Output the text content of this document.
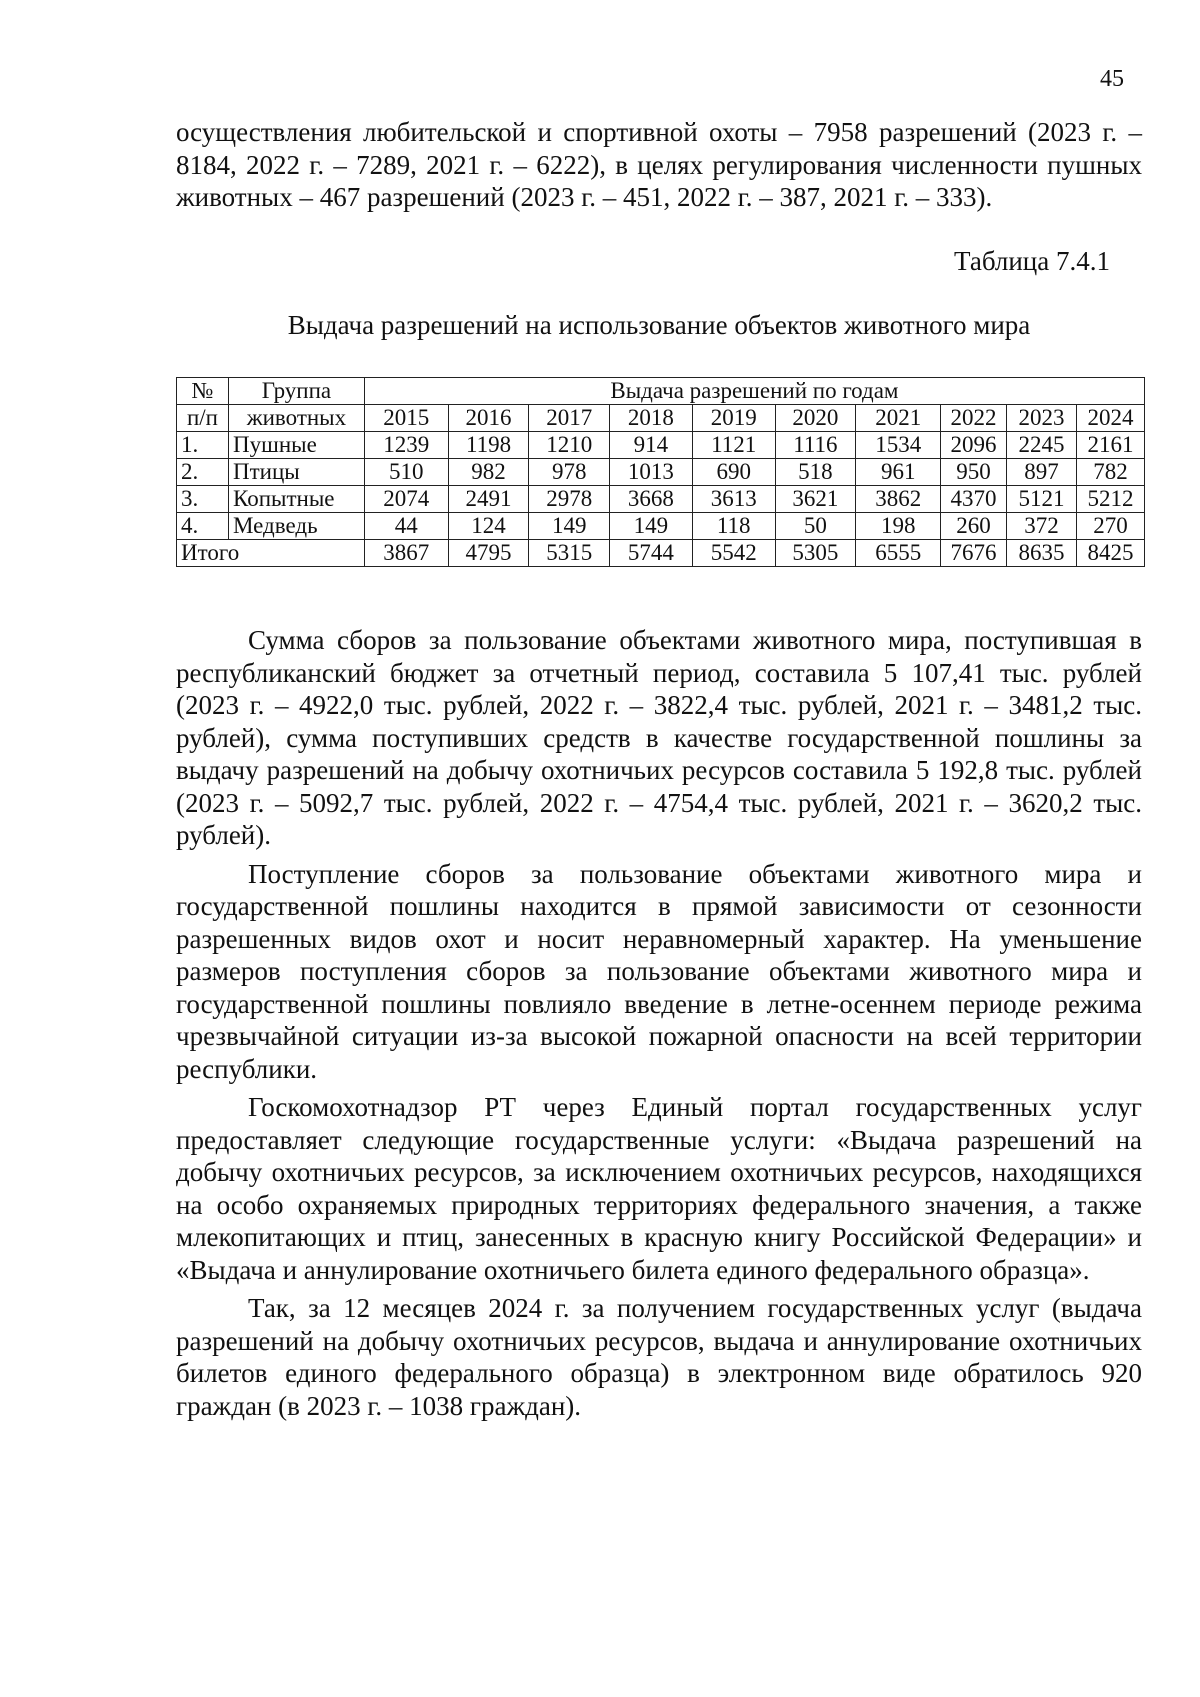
45

осуществления любительской и спортивной охоты – 7958 разрешений (2023 г. – 8184, 2022 г. – 7289, 2021 г. – 6222), в целях регулирования численности пушных животных – 467 разрешений (2023 г. – 451, 2022 г. – 387, 2021 г. – 333).

Таблица 7.4.1
Выдача разрешений на использование объектов животного мира
№	Группа	Выдача разрешений по годам									
п/п	животных	2015	2016	2017	2018	2019	2020	2021	2022	2023	2024
1.	Пушные	1239	1198	1210	914	1121	1116	1534	2096	2245	2161
2.	Птицы	510	982	978	1013	690	518	961	950	897	782
3.	Копытные	2074	2491	2978	3668	3613	3621	3862	4370	5121	5212
4.	Медведь	44	124	149	149	118	50	198	260	372	270
Итого		3867	4795	5315	5744	5542	5305	6555	7676	8635	8425

Сумма сборов за пользование объектами животного мира, поступившая в республиканский бюджет за отчетный период, составила 5 107,41 тыс. рублей (2023 г. – 4922,0 тыс. рублей, 2022 г. – 3822,4 тыс. рублей, 2021 г. – 3481,2 тыс. рублей), сумма поступивших средств в качестве государственной пошлины за выдачу разрешений на добычу охотничьих ресурсов составила 5 192,8 тыс. рублей (2023 г. – 5092,7 тыс. рублей, 2022 г. – 4754,4 тыс. рублей, 2021 г. – 3620,2 тыс. рублей).

Поступление сборов за пользование объектами животного мира и государственной пошлины находится в прямой зависимости от сезонности разрешенных видов охот и носит неравномерный характер. На уменьшение размеров поступления сборов за пользование объектами животного мира и государственной пошлины повлияло введение в летне-осеннем периоде режима чрезвычайной ситуации из-за высокой пожарной опасности на всей территории республики.

Госкомохотнадзор РТ через Единый портал государственных услуг предоставляет следующие государственные услуги: «Выдача разрешений на добычу охотничьих ресурсов, за исключением охотничьих ресурсов, находящихся на особо охраняемых природных территориях федерального значения, а также млекопитающих и птиц, занесенных в красную книгу Российской Федерации» и «Выдача и аннулирование охотничьего билета единого федерального образца».

Так, за 12 месяцев 2024 г. за получением государственных услуг (выдача разрешений на добычу охотничьих ресурсов, выдача и аннулирование охотничьих билетов единого федерального образца) в электронном виде обратилось 920 граждан (в 2023 г. – 1038 граждан).
